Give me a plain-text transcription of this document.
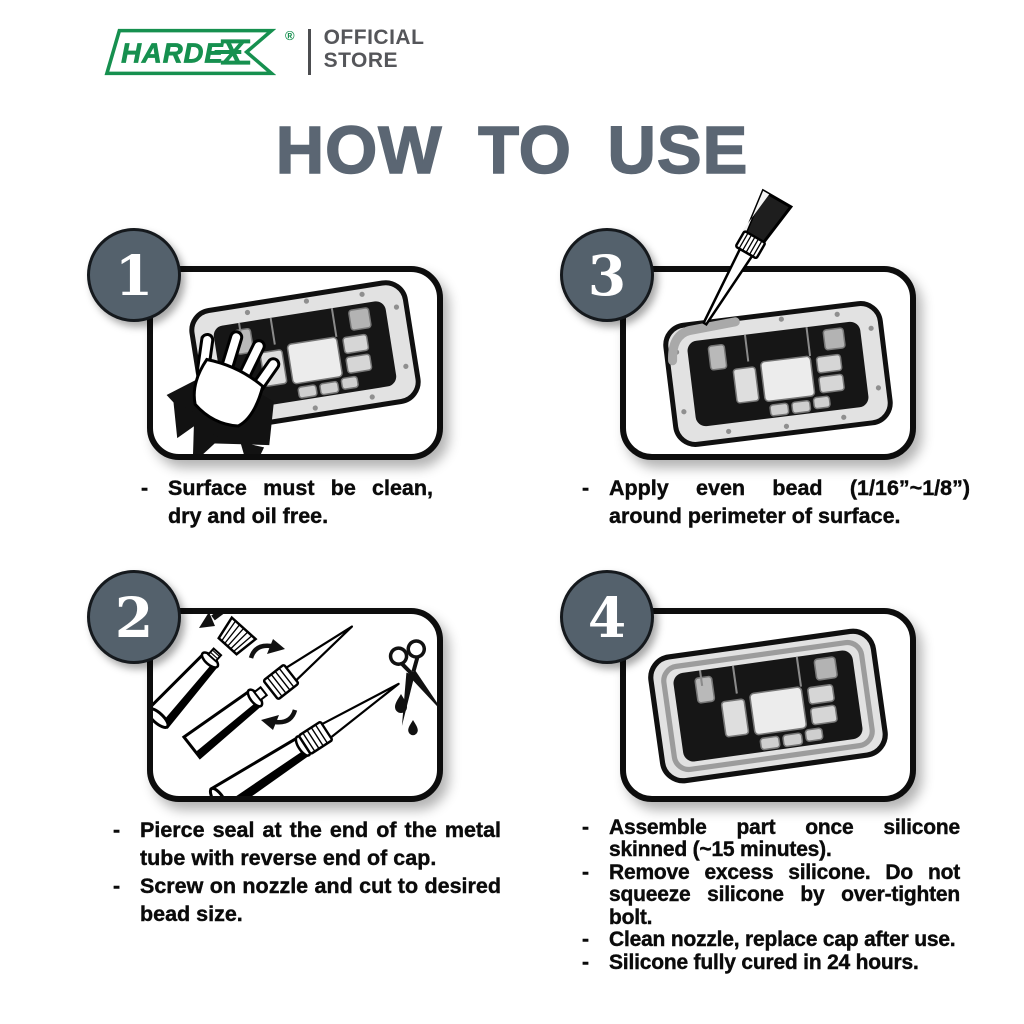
HARDEX
® OFFICIAL
STORE
HOW TO USE
1
- Surface must be clean, dry and oil free.
3
- Apply even bead (1/16”~1/8”) around perimeter of surface.
2
- Pierce seal at the end of the metal tube with reverse end of cap.
- Screw on nozzle and cut to desired bead size.
4
- Assemble part once silicone skinned (~15 minutes).
- Remove excess silicone. Do not squeeze silicone by over-tighten bolt.
- Clean nozzle, replace cap after use.
- Silicone fully cured in 24 hours.
